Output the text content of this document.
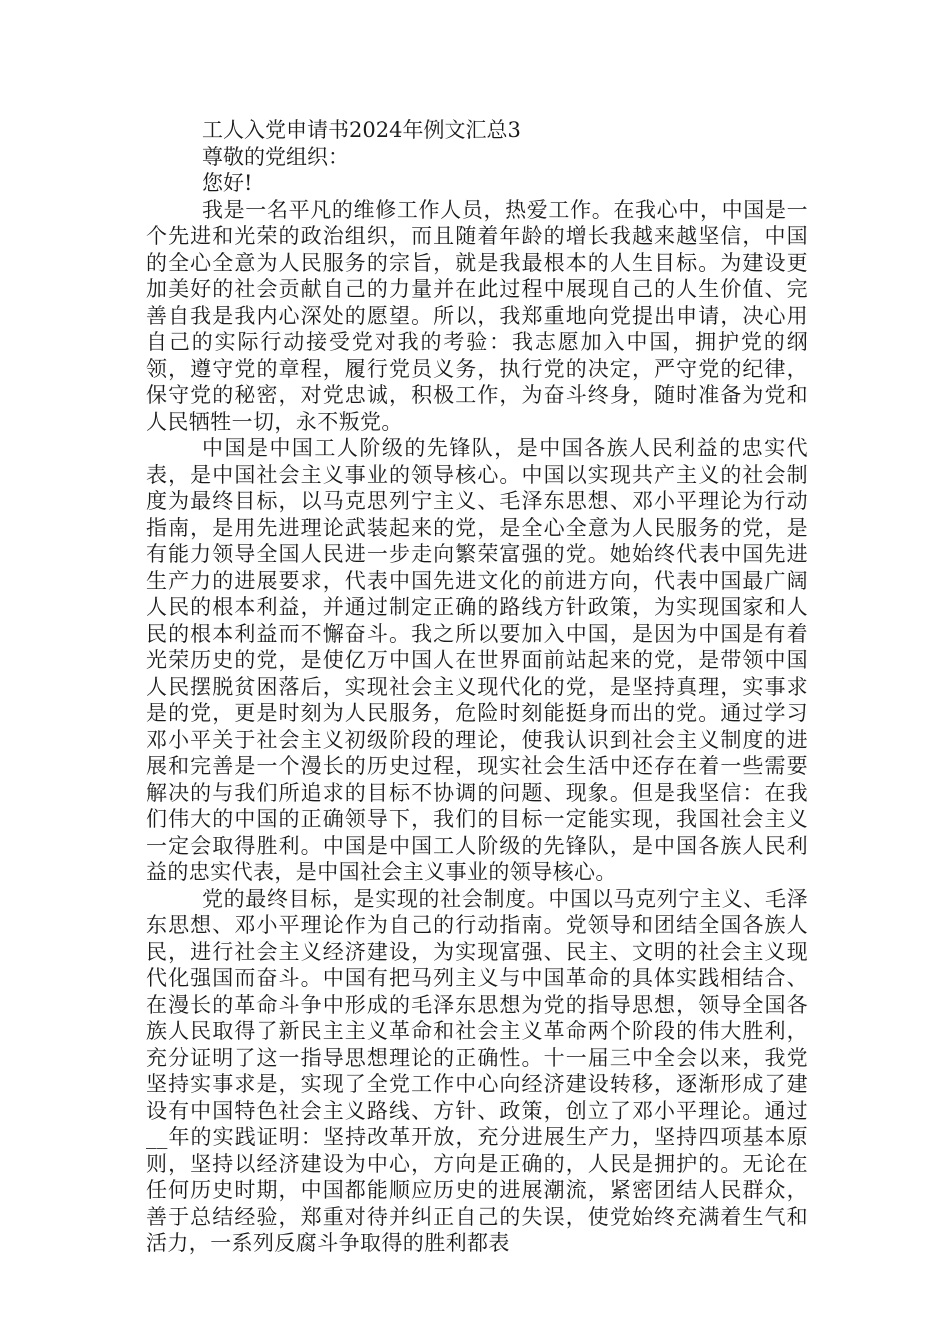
工人入党申请书2024年例文汇总3

尊敬的党组织：

您好!

我是一名平凡的维修工作人员，热爱工作。在我心中，中国是一个先进和光荣的政治组织，而且随着年龄的增长我越来越坚信，中国的全心全意为人民服务的宗旨，就是我最根本的人生目标。为建设更加美好的社会贡献自己的力量并在此过程中展现自己的人生价值、完善自我是我内心深处的愿望。所以，我郑重地向党提出申请，决心用自己的实际行动接受党对我的考验：我志愿加入中国，拥护党的纲领，遵守党的章程，履行党员义务，执行党的决定，严守党的纪律，保守党的秘密，对党忠诚，积极工作，为奋斗终身，随时准备为党和人民牺牲一切，永不叛党。

中国是中国工人阶级的先锋队，是中国各族人民利益的忠实代表，是中国社会主义事业的领导核心。中国以实现共产主义的社会制度为最终目标，以马克思列宁主义、毛泽东思想、邓小平理论为行动指南，是用先进理论武装起来的党，是全心全意为人民服务的党，是有能力领导全国人民进一步走向繁荣富强的党。她始终代表中国先进生产力的进展要求，代表中国先进文化的前进方向，代表中国最广阔人民的根本利益，并通过制定正确的路线方针政策，为实现国家和人民的根本利益而不懈奋斗。我之所以要加入中国，是因为中国是有着光荣历史的党，是使亿万中国人在世界面前站起来的党，是带领中国人民摆脱贫困落后，实现社会主义现代化的党，是坚持真理，实事求是的党，更是时刻为人民服务，危险时刻能挺身而出的党。通过学习邓小平关于社会主义初级阶段的理论，使我认识到社会主义制度的进展和完善是一个漫长的历史过程，现实社会生活中还存在着一些需要解决的与我们所追求的目标不协调的问题、现象。但是我坚信：在我们伟大的中国的正确领导下，我们的目标一定能实现，我国社会主义一定会取得胜利。中国是中国工人阶级的先锋队，是中国各族人民利益的忠实代表，是中国社会主义事业的领导核心。

党的最终目标，是实现的社会制度。中国以马克列宁主义、毛泽东思想、邓小平理论作为自己的行动指南。党领导和团结全国各族人民，进行社会主义经济建设，为实现富强、民主、文明的社会主义现代化强国而奋斗。中国有把马列主义与中国革命的具体实践相结合、在漫长的革命斗争中形成的毛泽东思想为党的指导思想，领导全国各族人民取得了新民主主义革命和社会主义革命两个阶段的伟大胜利，充分证明了这一指导思想理论的正确性。十一届三中全会以来，我党坚持实事求是，实现了全党工作中心向经济建设转移，逐渐形成了建设有中国特色社会主义路线、方针、政策，创立了邓小平理论。通过__年的实践证明：坚持改革开放，充分进展生产力，坚持四项基本原则，坚持以经济建设为中心，方向是正确的，人民是拥护的。无论在任何历史时期，中国都能顺应历史的进展潮流，紧密团结人民群众，善于总结经验，郑重对待并纠正自己的失误，使党始终充满着生气和活力，一系列反腐斗争取得的胜利都表
